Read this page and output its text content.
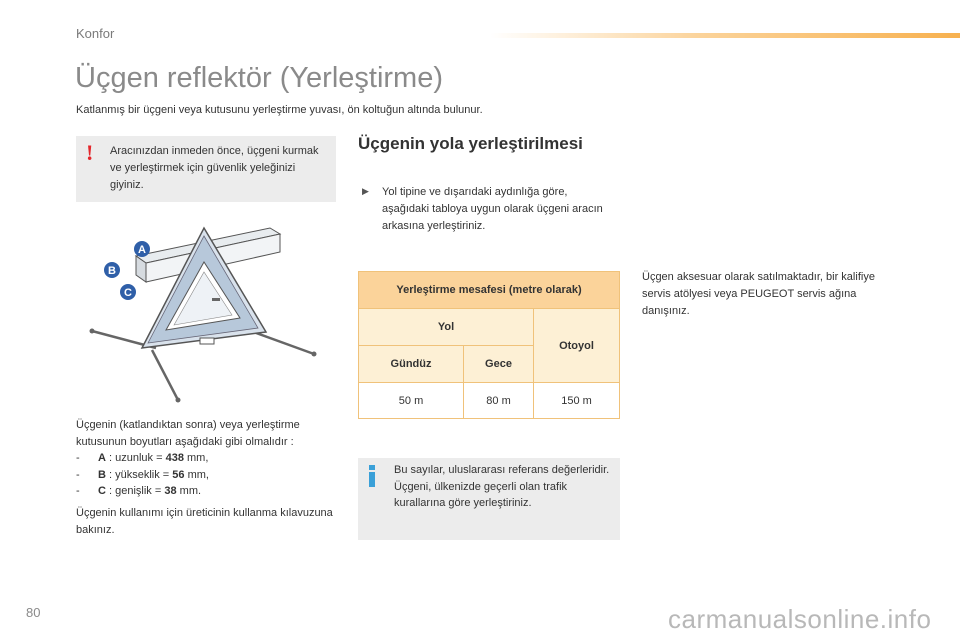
Konfor
Üçgen reflektör (Yerleştirme)

Katlanmış bir üçgeni veya kutusunu yerleştirme yuvası, ön koltuğun altında bulunur.

! Aracınızdan inmeden önce, üçgeni kurmak ve yerleştirmek için güvenlik yeleğinizi giyiniz.

A
B
C
Üçgenin (katlandıktan sonra) veya yerleştirme kutusunun boyutları aşağıdaki gibi olmalıdır :
- A : uzunluk = 438 mm,
- B : yükseklik = 56 mm,
- C : genişlik = 38 mm.

Üçgenin kullanımı için üreticinin kullanma kılavuzuna bakınız.

Üçgenin yola yerleştirilmesi
▶ Yol tipine ve dışarıdaki aydınlığa göre, aşağıdaki tabloya uygun olarak üçgeni aracın arkasına yerleştiriniz.

Yerleştirme mesafesi (metre olarak)		
Yol		Otoyol
Gündüz	Gece	
50 m	80 m	150 m
Bu sayılar, uluslararası referans değerleridir.
Üçgeni, ülkenizde geçerli olan trafik kurallarına göre yerleştiriniz.

Üçgen aksesuar olarak satılmaktadır, bir kalifiye servis atölyesi veya PEUGEOT servis ağına danışınız.

80	carmanualsonline.info
